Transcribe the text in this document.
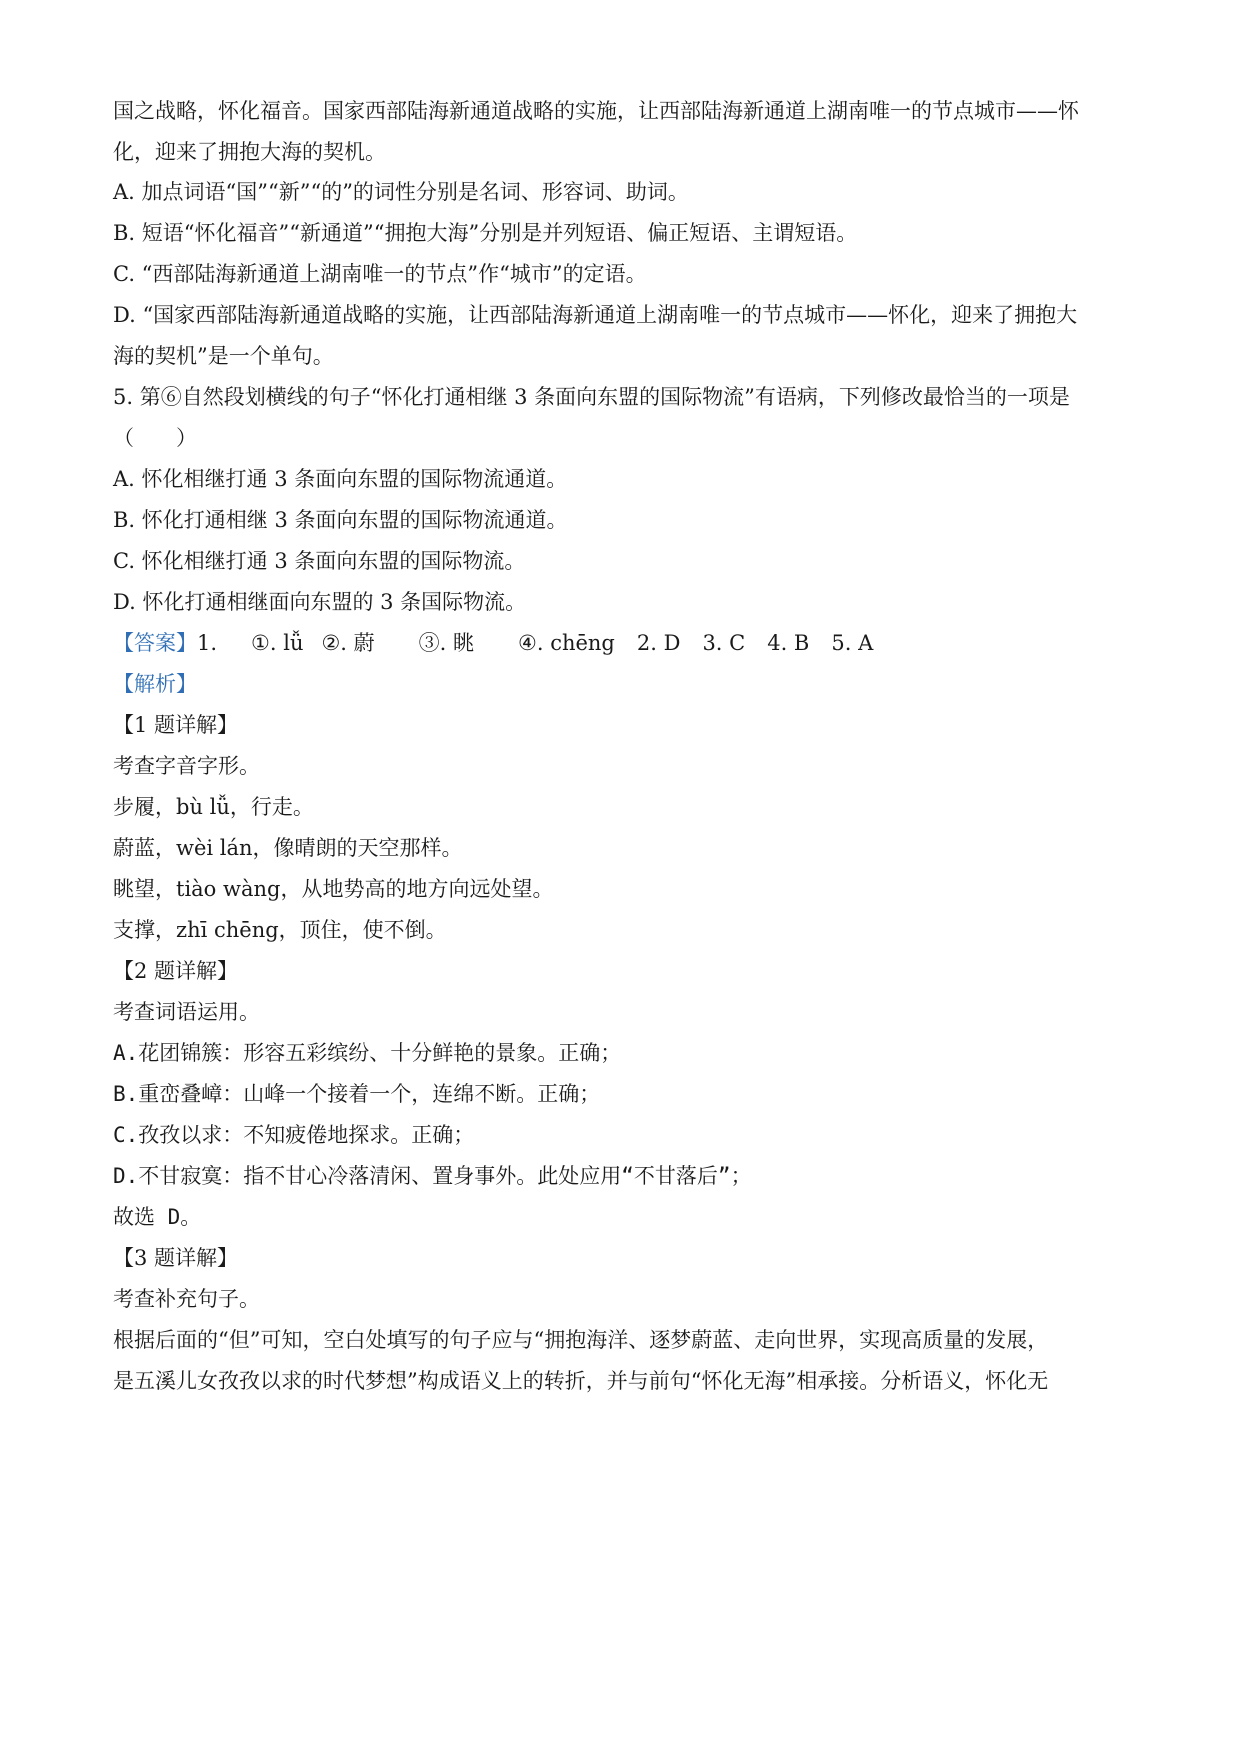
国之战略，怀化福音。国家西部陆海新通道战略的实施，让西部陆海新通道上湖南唯一的节点城市——怀
化，迎来了拥抱大海的契机。
A. 加点词语“国”“新”“的”的词性分别是名词、形容词、助词。
B. 短语“怀化福音”“新通道”“拥抱大海”分别是并列短语、偏正短语、主谓短语。
C. “西部陆海新通道上湖南唯一的节点”作“城市”的定语。
D. “国家西部陆海新通道战略的实施，让西部陆海新通道上湖南唯一的节点城市——怀化，迎来了拥抱大
海的契机”是一个单句。
5. 第⑥自然段划横线的句子“怀化打通相继 3 条面向东盟的国际物流”有语病，下列修改最恰当的一项是
（　　）
A. 怀化相继打通 3 条面向东盟的国际物流通道。
B. 怀化打通相继 3 条面向东盟的国际物流通道。
C. 怀化相继打通 3 条面向东盟的国际物流。
D. 怀化打通相继面向东盟的 3 条国际物流。
【答案】1. ①. lǚ ②. 蔚 ③. 眺 ④. chēng 2. D 3. C 4. B 5. A
【解析】
【1 题详解】
考查字音字形。
步履，bù lǚ，行走。
蔚蓝，wèi lán，像晴朗的天空那样。
眺望，tiào wàng，从地势高的地方向远处望。
支撑，zhī chēng，顶住，使不倒。
【2 题详解】
考查词语运用。
A.花团锦簇：形容五彩缤纷、十分鲜艳的景象。正确；
B.重峦叠嶂：山峰一个接着一个，连绵不断。正确；
C.孜孜以求：不知疲倦地探求。正确；
D.不甘寂寞：指不甘心冷落清闲、置身事外。此处应用“不甘落后”；
故选 D。
【3 题详解】
考查补充句子。
根据后面的“但”可知，空白处填写的句子应与“拥抱海洋、逐梦蔚蓝、走向世界，实现高质量的发展，
是五溪儿女孜孜以求的时代梦想”构成语义上的转折，并与前句“怀化无海”相承接。分析语义，怀化无
